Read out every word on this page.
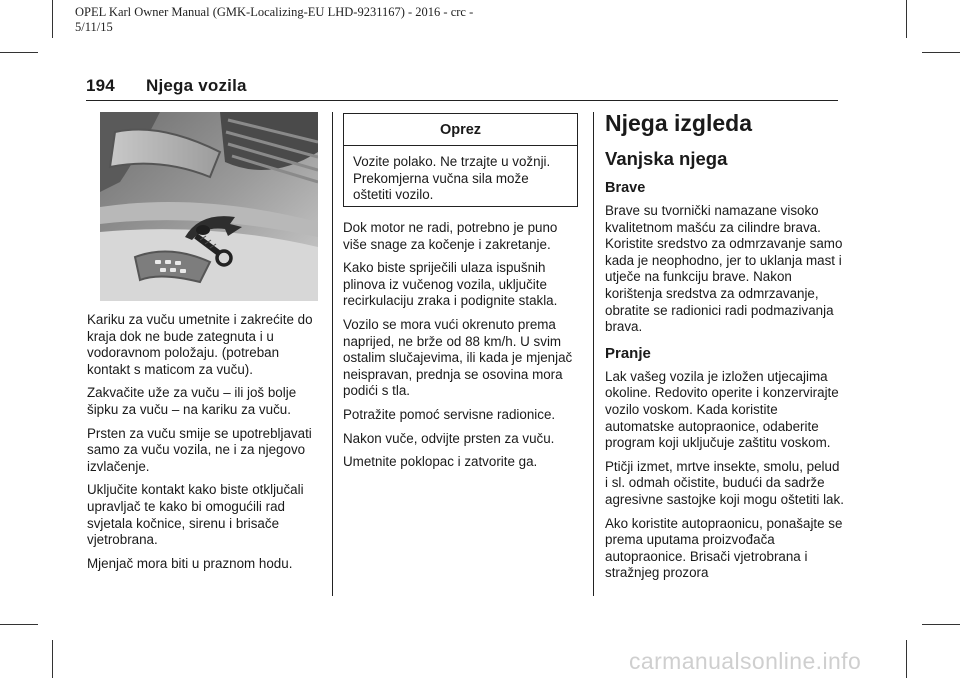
OPEL Karl Owner Manual (GMK-Localizing-EU LHD-9231167) - 2016 - crc -
5/11/15
194 Njega vozila

Kariku za vuču umetnite i zakrećite do kraja dok ne bude zategnuta i u vodoravnom položaju. (potreban kontakt s maticom za vuču).

Zakvačite uže za vuču – ili još bolje šipku za vuču – na kariku za vuču.

Prsten za vuču smije se upotrebljavati samo za vuču vozila, ne i za njegovo izvlačenje.

Uključite kontakt kako biste otključali upravljač te kako bi omogućili rad svjetala kočnice, sirenu i brisače vjetrobrana.

Mjenjač mora biti u praznom hodu.

Oprez
Vozite polako. Ne trzajte u vožnji. Prekomjerna vučna sila može oštetiti vozilo.

Dok motor ne radi, potrebno je puno više snage za kočenje i zakretanje.

Kako biste spriječili ulaza ispušnih plinova iz vučenog vozila, uključite recirkulaciju zraka i podignite stakla.

Vozilo se mora vući okrenuto prema naprijed, ne brže od 88 km/h. U svim ostalim slučajevima, ili kada je mjenjač neispravan, prednja se osovina mora podići s tla.

Potražite pomoć servisne radionice.

Nakon vuče, odvijte prsten za vuču.

Umetnite poklopac i zatvorite ga.

Njega izgleda
Vanjska njega
Brave

Brave su tvornički namazane visoko kvalitetnom mašću za cilindre brava. Koristite sredstvo za odmrzavanje samo kada je neophodno, jer to uklanja mast i utječe na funkciju brave. Nakon korištenja sredstva za odmrzavanje, obratite se radionici radi podmazivanja brava.

Pranje

Lak vašeg vozila je izložen utjecajima okoline. Redovito operite i konzervirajte vozilo voskom. Kada koristite automatske autopraonice, odaberite program koji uključuje zaštitu voskom.

Ptičji izmet, mrtve insekte, smolu, pelud i sl. odmah očistite, budući da sadrže agresivne sastojke koji mogu oštetiti lak.

Ako koristite autopraonicu, ponašajte se prema uputama proizvođača autopraonice. Brisači vjetrobrana i stražnjeg prozora

carmanualsonline.info
